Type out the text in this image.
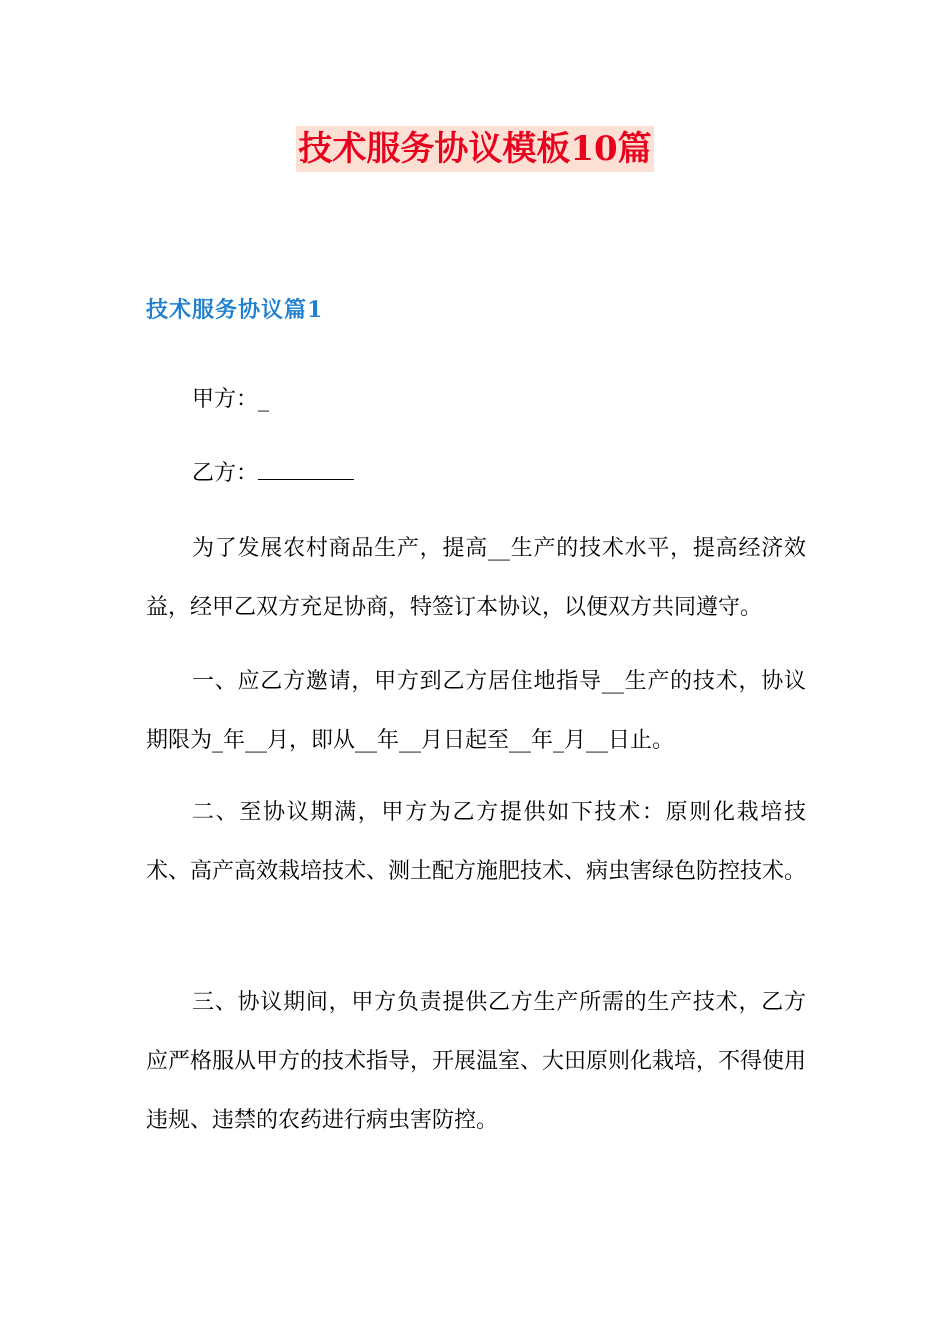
技术服务协议模板10篇
技术服务协议篇1
甲方：_
乙方：

为了发展农村商品生产，提高__生产的技术水平，提高经济效益，经甲乙双方充足协商，特签订本协议，以便双方共同遵守。

一、应乙方邀请，甲方到乙方居住地指导__生产的技术，协议期限为_年__月，即从__年__月日起至__年_月__日止。

二、至协议期满，甲方为乙方提供如下技术：原则化栽培技术、高产高效栽培技术、测土配方施肥技术、病虫害绿色防控技术。

三、协议期间，甲方负责提供乙方生产所需的生产技术，乙方应严格服从甲方的技术指导，开展温室、大田原则化栽培，不得使用违规、违禁的农药进行病虫害防控。
